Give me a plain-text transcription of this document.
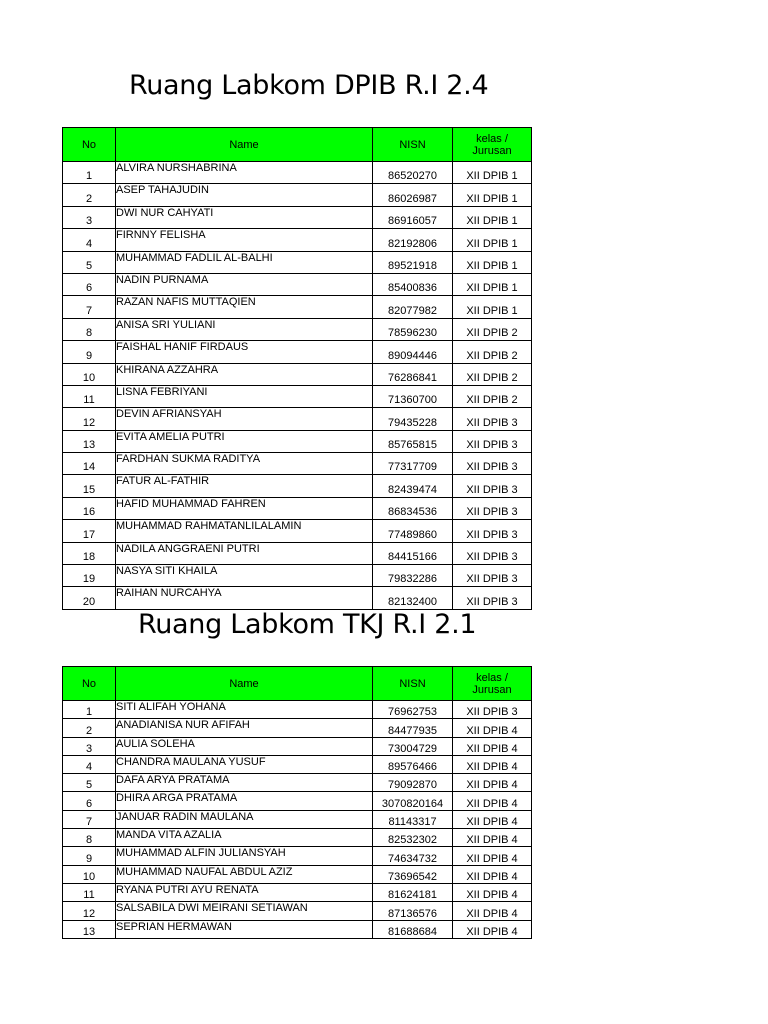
Ruang Labkom DPIB R.I 2.4
No	Name	NISN	kelas /
Jurusan

1	ALVIRA NURSHABRINA	86520270	XII DPIB 1
2	ASEP TAHAJUDIN	86026987	XII DPIB 1
3	DWI NUR CAHYATI	86916057	XII DPIB 1
4	FIRNNY FELISHA	82192806	XII DPIB 1
5	MUHAMMAD FADLIL AL-BALHI	89521918	XII DPIB 1
6	NADIN PURNAMA	85400836	XII DPIB 1
7	RAZAN NAFIS MUTTAQIEN	82077982	XII DPIB 1
8	ANISA SRI YULIANI	78596230	XII DPIB 2
9	FAISHAL HANIF FIRDAUS	89094446	XII DPIB 2
10	KHIRANA AZZAHRA	76286841	XII DPIB 2
11	LISNA FEBRIYANI	71360700	XII DPIB 2
12	DEVIN AFRIANSYAH	79435228	XII DPIB 3
13	EVITA AMELIA PUTRI	85765815	XII DPIB 3
14	FARDHAN SUKMA RADITYA	77317709	XII DPIB 3
15	FATUR AL-FATHIR	82439474	XII DPIB 3
16	HAFID MUHAMMAD FAHREN	86834536	XII DPIB 3
17	MUHAMMAD RAHMATANLILALAMIN	77489860	XII DPIB 3
18	NADILA ANGGRAENI PUTRI	84415166	XII DPIB 3
19	NASYA SITI KHAILA	79832286	XII DPIB 3
20	RAIHAN NURCAHYA	82132400	XII DPIB 3
Ruang Labkom TKJ R.I 2.1
No	Name	NISN	kelas /
Jurusan

1	SITI ALIFAH YOHANA	76962753	XII DPIB 3
2	ANADIANISA NUR AFIFAH	84477935	XII DPIB 4
3	AULIA SOLEHA	73004729	XII DPIB 4
4	CHANDRA MAULANA YUSUF	89576466	XII DPIB 4
5	DAFA ARYA PRATAMA	79092870	XII DPIB 4
6	DHIRA ARGA PRATAMA	3070820164	XII DPIB 4
7	JANUAR RADIN MAULANA	81143317	XII DPIB 4
8	MANDA VITA AZALIA	82532302	XII DPIB 4
9	MUHAMMAD ALFIN JULIANSYAH	74634732	XII DPIB 4
10	MUHAMMAD NAUFAL ABDUL AZIZ	73696542	XII DPIB 4
11	RYANA PUTRI AYU RENATA	81624181	XII DPIB 4
12	SALSABILA DWI MEIRANI SETIAWAN	87136576	XII DPIB 4
13	SEPRIAN HERMAWAN	81688684	XII DPIB 4
